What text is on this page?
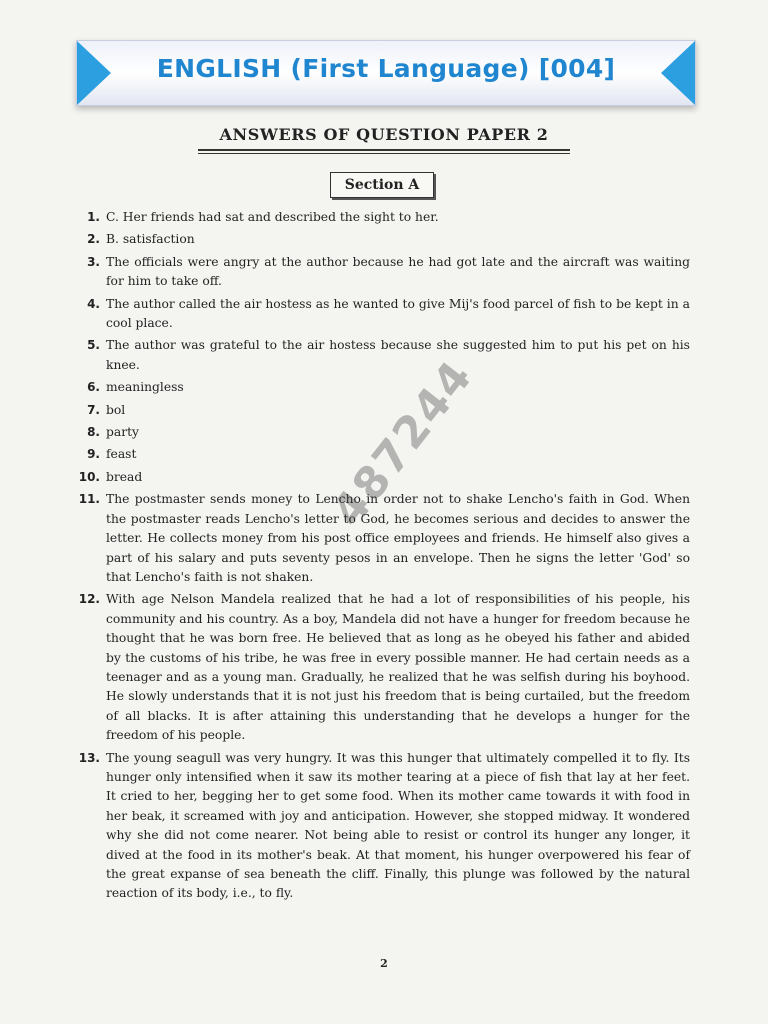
ENGLISH (First Language) [004]
ANSWERS OF QUESTION PAPER 2
Section A
1. C. Her friends had sat and described the sight to her.
2. B. satisfaction
3. The officials were angry at the author because he had got late and the aircraft was waiting for him to take off.
4. The author called the air hostess as he wanted to give Mij's food parcel of fish to be kept in a cool place.
5. The author was grateful to the air hostess because she suggested him to put his pet on his knee.
6. meaningless
7. bol
8. party
9. feast
10. bread
11. The postmaster sends money to Lencho in order not to shake Lencho's faith in God. When the postmaster reads Lencho's letter to God, he becomes serious and decides to answer the letter. He collects money from his post office employees and friends. He himself also gives a part of his salary and puts seventy pesos in an envelope. Then he signs the letter 'God' so that Lencho's faith is not shaken.
12. With age Nelson Mandela realized that he had a lot of responsibilities of his people, his community and his country. As a boy, Mandela did not have a hunger for freedom because he thought that he was born free. He believed that as long as he obeyed his father and abided by the customs of his tribe, he was free in every possible manner. He had certain needs as a teenager and as a young man. Gradually, he realized that he was selfish during his boyhood. He slowly understands that it is not just his freedom that is being curtailed, but the freedom of all blacks. It is after attaining this understanding that he develops a hunger for the freedom of his people.
13. The young seagull was very hungry. It was this hunger that ultimately compelled it to fly. Its hunger only intensified when it saw its mother tearing at a piece of fish that lay at her feet. It cried to her, begging her to get some food. When its mother came towards it with food in her beak, it screamed with joy and anticipation. However, she stopped midway. It wondered why she did not come nearer. Not being able to resist or control its hunger any longer, it dived at the food in its mother's beak. At that moment, his hunger overpowered his fear of the great expanse of sea beneath the cliff. Finally, this plunge was followed by the natural reaction of its body, i.e., to fly.
487244
2
